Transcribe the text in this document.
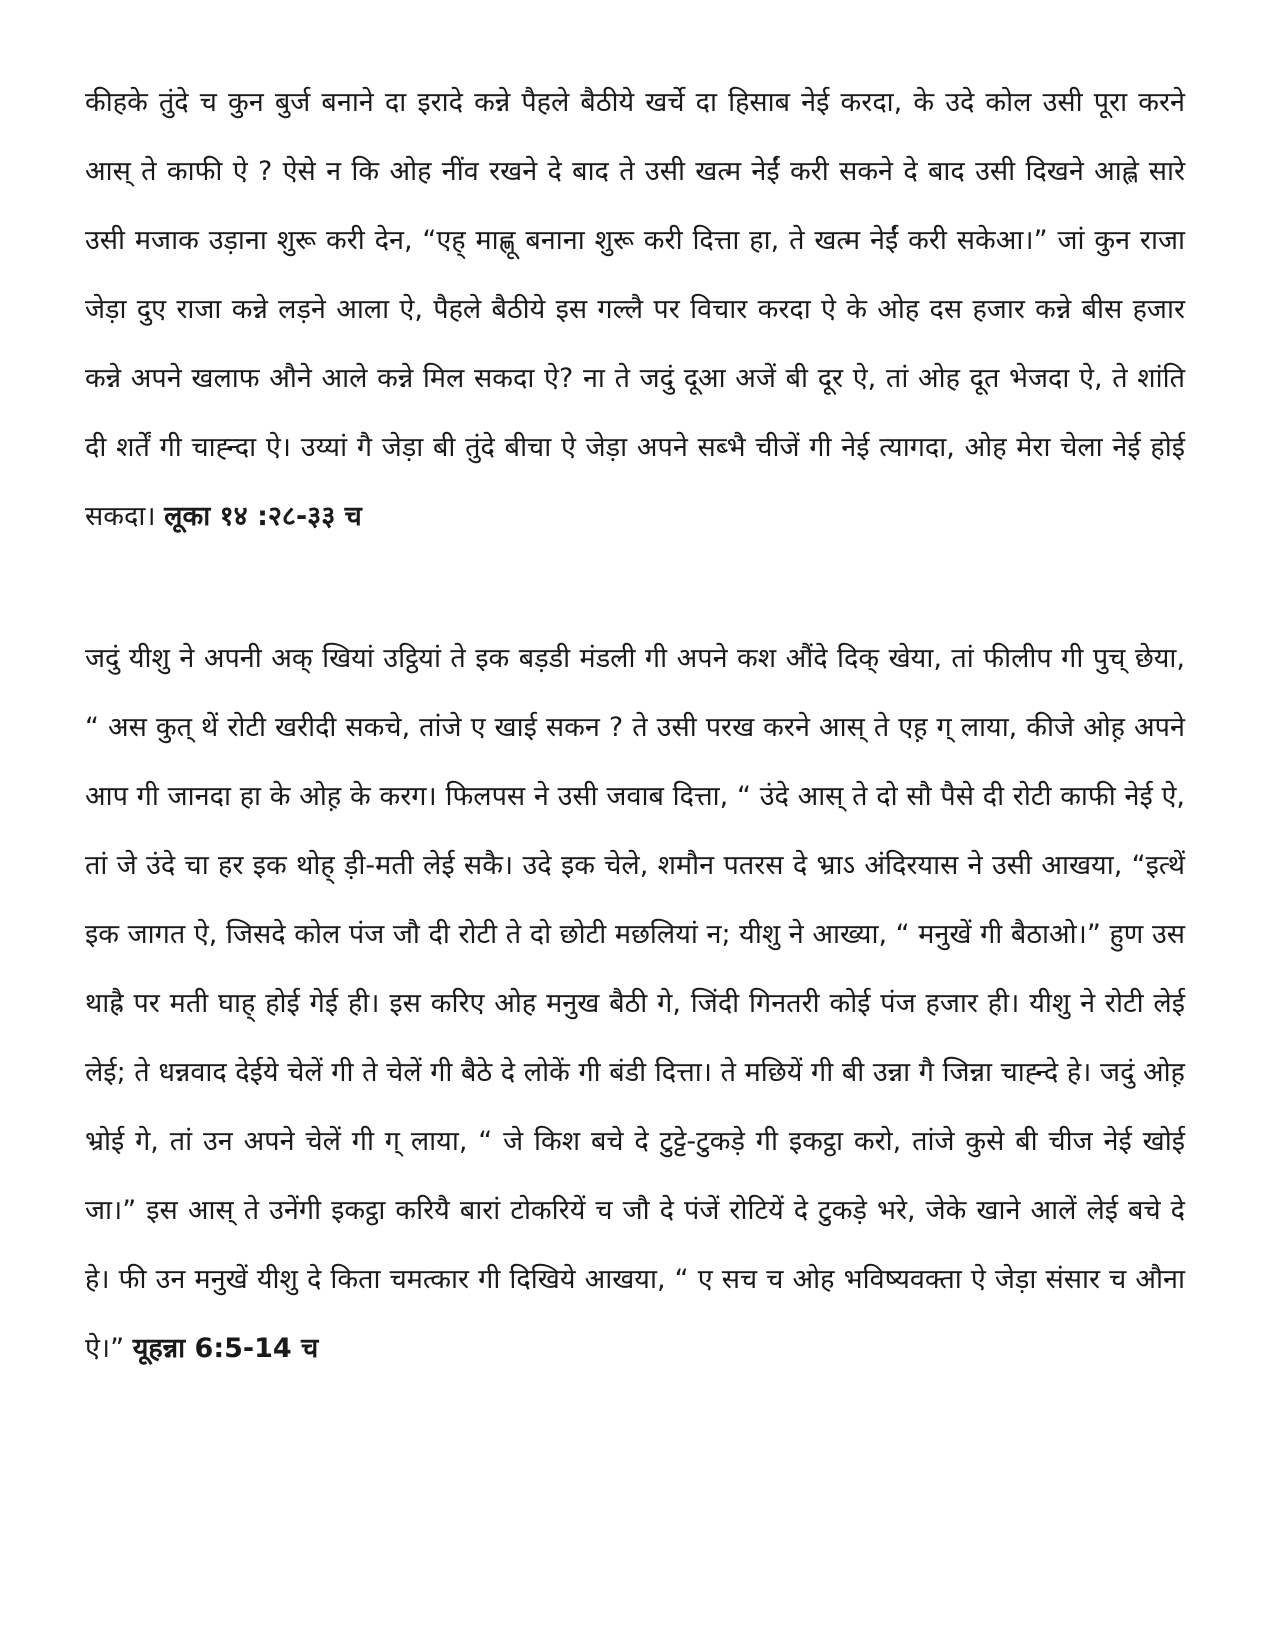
कीहके तुंदे च कुन बुर्ज बनाने दा इरादे कन्ने पैहले बैठीये खर्चे दा हिसाब नेई करदा, के उदे कोल उसी पूरा करने आस् ते काफी ऐ ? ऐसे न कि ओह नींव रखने दे बाद ते उसी खत्म नेईं करी सकने दे बाद उसी दिखने आह्ले सारे उसी मजाक उड़ाना शुरू करी देन, “एह् माह्णू बनाना शुरू करी दित्ता हा, ते खत्म नेईं करी सकेआ।” जां कुन राजा जेड़ा दुए राजा कन्ने लड़ने आला ऐ, पैहले बैठीये इस गल्लै पर विचार करदा ऐ के ओह दस हजार कन्ने बीस हजार कन्ने अपने खलाफ औने आले कन्ने मिल सकदा ऐ? ना ते जदुं दूआ अजें बी दूर ऐ, तां ओह दूत भेजदा ऐ, ते शांति दी शर्तें गी चाह्न्दा ऐ। उय्यां गै जेड़ा बी तुंदे बीचा ऐ जेड़ा अपने सब्भै चीजें गी नेई त्यागदा, ओह मेरा चेला नेई होई सकदा। लूका १४ :२८-३३ च

जदुं यीशु ने अपनी अक् खियां उट्ठियां ते इक बड़डी मंडली गी अपने कश औंदे दिक् खेया, तां फीलीप गी पुच् छेया, “ अस कुत् थें रोटी खरीदी सकचे, तांजे ए खाई सकन ? ते उसी परख करने आस् ते एह़ ग् लाया, कीजे ओह़ अपने आप गी जानदा हा के ओह़ के करग। फिलपस ने उसी जवाब दित्ता, “ उंदे आस् ते दो सौ पैसे दी रोटी काफी नेई ऐ, तां जे उंदे चा हर इक थोह् ड़ी-मती लेई सकै। उदे इक चेले, शमौन पतरस दे भ्राऽ अंदिरयास ने उसी आखया, “इत्थें इक जागत ऐ, जिसदे कोल पंज जौ दी रोटी ते दो छोटी मछलियां न; यीशु ने आख्या, “ मनुखें गी बैठाओ।” हुण उस थाह्रै पर मती घाह् होई गेई ही। इस करिए ओह मनुख बैठी गे, जिंदी गिनतरी कोई पंज हजार ही। यीशु ने रोटी लेई लेई; ते धन्नवाद देईये चेलें गी ते चेलें गी बैठे दे लोकें गी बंडी दित्ता। ते मछियें गी बी उन्ना गै जिन्ना चाह्न्दे हे। जदुं ओह़ भ्रोई गे, तां उन अपने चेलें गी ग् लाया, “ जे किश बचे दे टुट्टे-टुकड़े गी इकट्ठा करो, तांजे कुसे बी चीज नेई खोई जा।” इस आस् ते उनेंगी इकट्ठा करियै बारां टोकरियें च जौ दे पंजें रोटियें दे टुकड़े भरे, जेके खाने आलें लेई बचे दे हे। फी उन मनुखें यीशु दे किता चमत्कार गी दिखिये आखया, “ ए सच च ओह भविष्यवक्ता ऐ जेड़ा संसार च औना ऐ।” यूहन्ना 6:5-14 च
